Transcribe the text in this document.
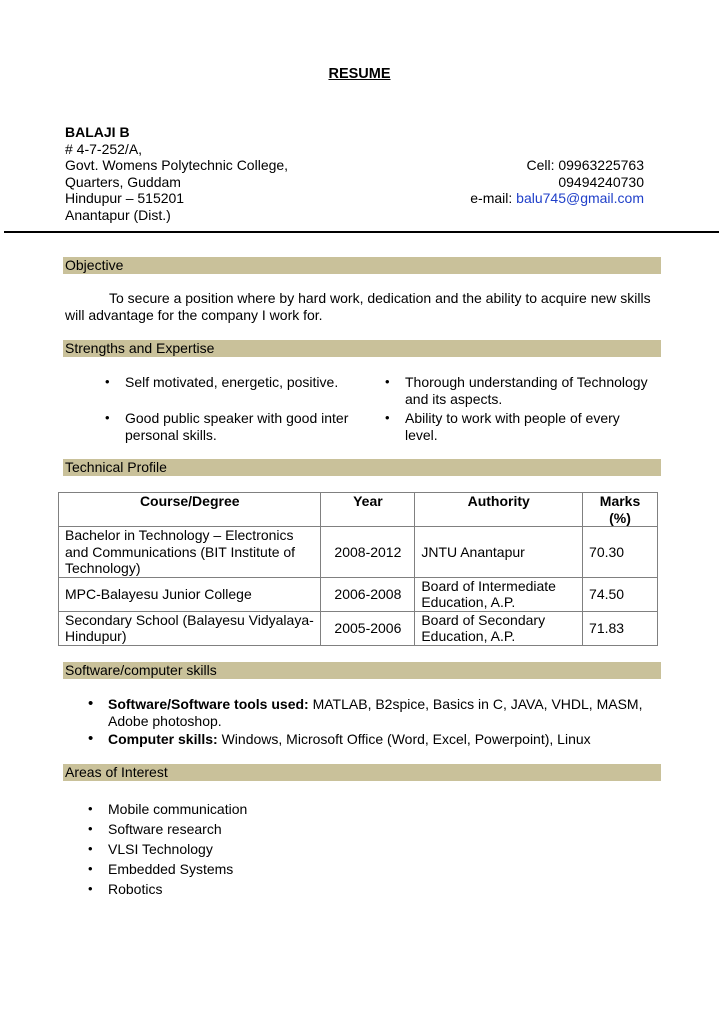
RESUME
BALAJI B
# 4-7-252/A,
Govt. Womens Polytechnic College,
Quarters, Guddam
Hindupur – 515201
Anantapur (Dist.)
Cell: 09963225763
09494240730
e-mail: balu745@gmail.com
Objective

To secure a position where by hard work, dedication and the ability to acquire new skills will advantage for the company I work for.

Strengths and Expertise
• Self motivated, energetic, positive.
• Good public speaker with good inter personal skills.
• Thorough understanding of Technology and its aspects.
• Ability to work with people of every level.
Technical Profile
Course/Degree	Year	Authority	Marks (%)
Bachelor in Technology – Electronics and Communications (BIT Institute of Technology)	2008-2012	JNTU Anantapur	70.30
MPC-Balayesu Junior College	2006-2008	Board of Intermediate Education, A.P.	74.50
Secondary School (Balayesu Vidyalaya-Hindupur)	2005-2006	Board of Secondary Education, A.P.	71.83
Software/computer skills
• Software/Software tools used: MATLAB, B2spice, Basics in C, JAVA, VHDL, MASM, Adobe photoshop.
• Computer skills: Windows, Microsoft Office (Word, Excel, Powerpoint), Linux
Areas of Interest
• Mobile communication
• Software research
• VLSI Technology
• Embedded Systems
• Robotics
